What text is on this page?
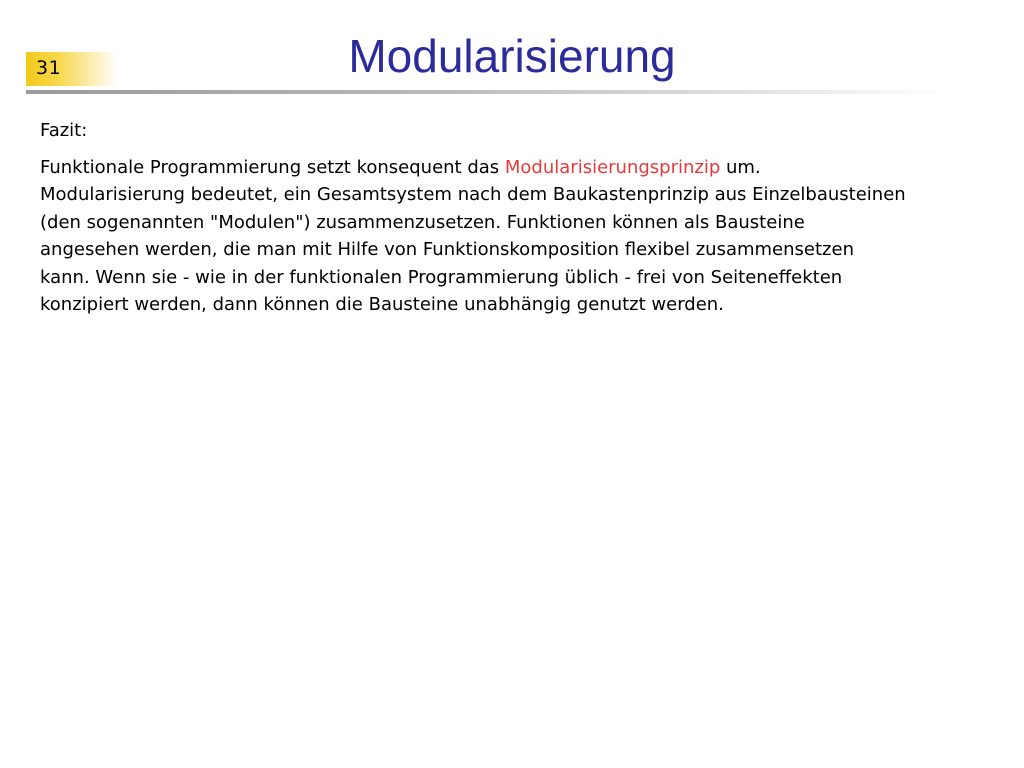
31	Modularisierung
Fazit:

Funktionale Programmierung setzt konsequent das Modularisierungsprinzip um.
Modularisierung bedeutet, ein Gesamtsystem nach dem Baukastenprinzip aus Einzelbausteinen
(den sogenannten "Modulen") zusammenzusetzen. Funktionen können als Bausteine
angesehen werden, die man mit Hilfe von Funktionskomposition flexibel zusammensetzen
kann. Wenn sie - wie in der funktionalen Programmierung üblich - frei von Seiteneffekten
konzipiert werden, dann können die Bausteine unabhängig genutzt werden.
